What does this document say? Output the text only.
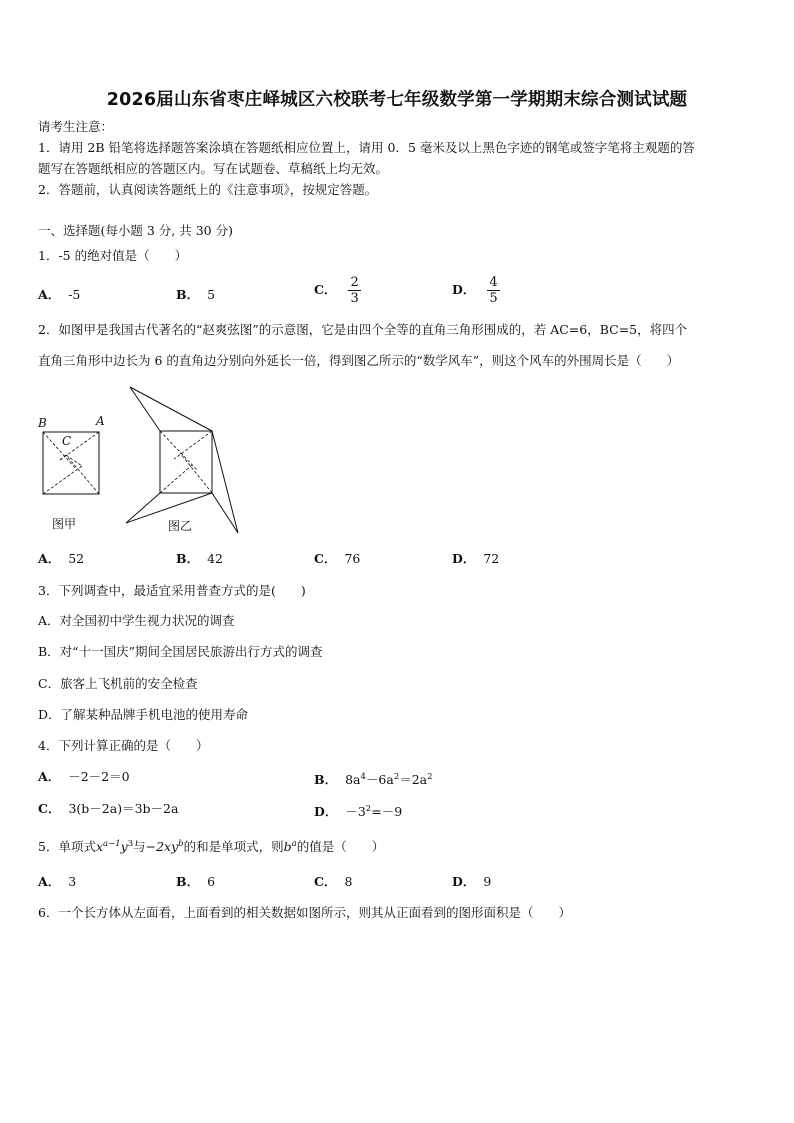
2026届山东省枣庄峄城区六校联考七年级数学第一学期期末综合测试试题
请考生注意：
1．请用 2B 铅笔将选择题答案涂填在答题纸相应位置上，请用 0．5 毫米及以上黑色字迹的钢笔或签字笔将主观题的答
题写在答题纸相应的答题区内。写在试题卷、草稿纸上均无效。
2．答题前，认真阅读答题纸上的《注意事项》，按规定答题。
一、选择题(每小题 3 分, 共 30 分)
1．-5 的绝对值是（　　）
A． -5	B． 5	C． $\frac{2}{3}$	D． $\frac{4}{5}$
2．如图甲是我国古代著名的“赵爽弦图”的示意图，它是由四个全等的直角三角形围成的，若 AC=6，BC=5，将四个
直角三角形中边长为 6 的直角边分别向外延长一倍，得到图乙所示的“数学风车”，则这个风车的外围周长是（　　）
B	A
C
图甲	图乙
A． 52	B． 42	C． 76	D． 72
3．下列调查中，最适宜采用普查方式的是(　　)
A．对全国初中学生视力状况的调查
B．对“十一国庆”期间全国居民旅游出行方式的调查
C．旅客上飞机前的安全检查
D．了解某种品牌手机电池的使用寿命
4．下列计算正确的是（　　）
A． －2－2＝0	B． $8a^4-6a^2=2a^2$
C． 3(b－2a)＝3b－2a	D． $-3^2=-9$
5．单项式$x^{a-1}y^3$与$-2xy^b$的和是单项式，则$b^a$的值是（　　）
A． 3	B． 6	C． 8	D． 9
6．一个长方体从左面看，上面看到的相关数据如图所示，则其从正面看到的图形面积是（　　）
